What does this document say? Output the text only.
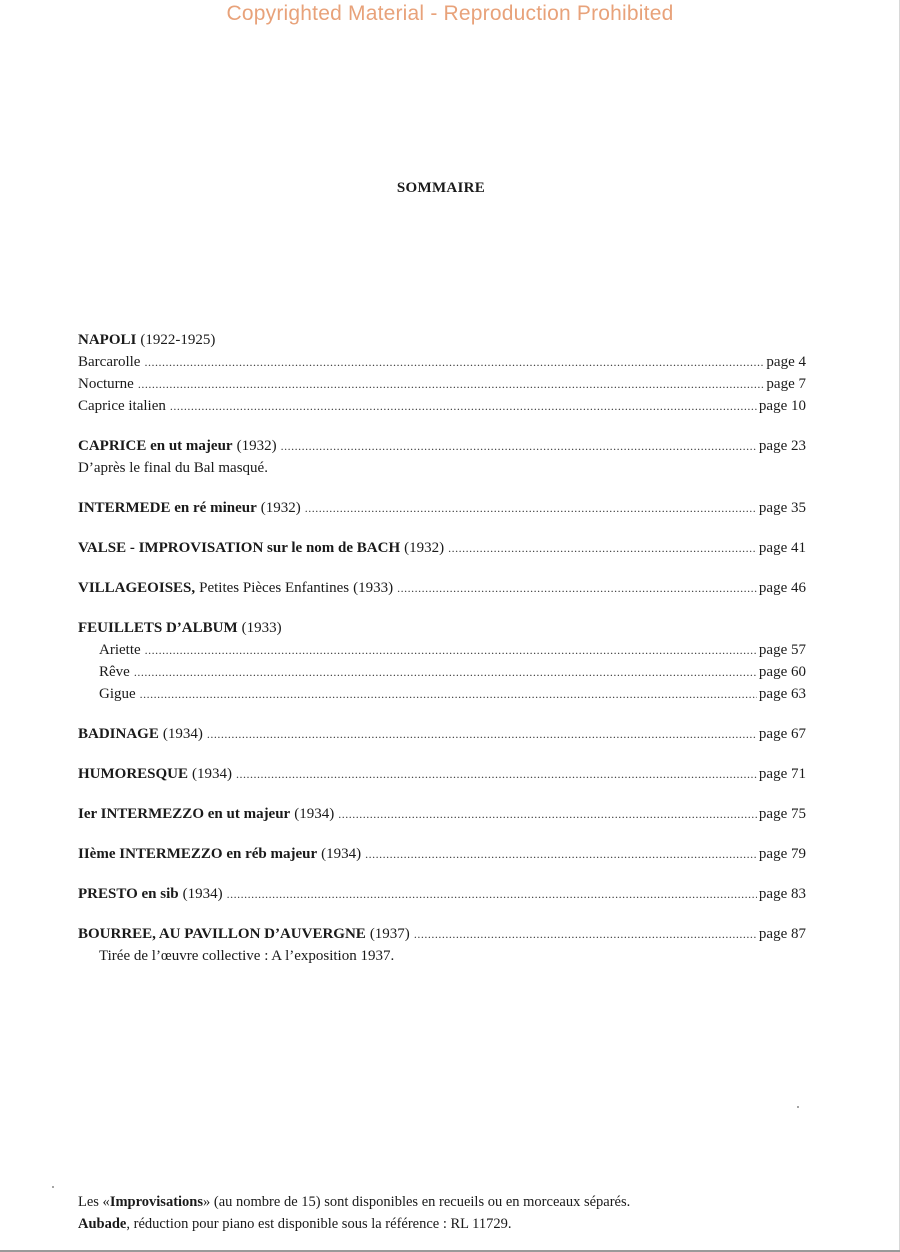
Copyrighted Material - Reproduction Prohibited
SOMMAIRE
NAPOLI (1922-1925)
Barcarolle .....	page 4
Nocturne .....	page 7
Caprice italien .....	page 10
CAPRICE en ut majeur (1932) .....	page 23
D’après le final du Bal masqué.
INTERMEDE en ré mineur (1932) .....	page 35
VALSE - IMPROVISATION sur le nom de BACH (1932) .....	page 41
VILLAGEOISES, Petites Pièces Enfantines (1933) .....	page 46
FEUILLETS D’ALBUM (1933)
Ariette .....	page 57
Rêve .....	page 60
Gigue .....	page 63
BADINAGE (1934) .....	page 67
HUMORESQUE (1934) .....	page 71
Ier INTERMEZZO en ut majeur (1934) .....	page 75
IIème INTERMEZZO en réb majeur (1934) .....	page 79
PRESTO en sib (1934) .....	page 83
BOURREE, AU PAVILLON D’AUVERGNE (1937) .....	page 87
Tirée de l’œuvre collective : A l’exposition 1937.
Les «Improvisations» (au nombre de 15) sont disponibles en recueils ou en morceaux séparés.
Aubade, réduction pour piano est disponible sous la référence : RL 11729.
